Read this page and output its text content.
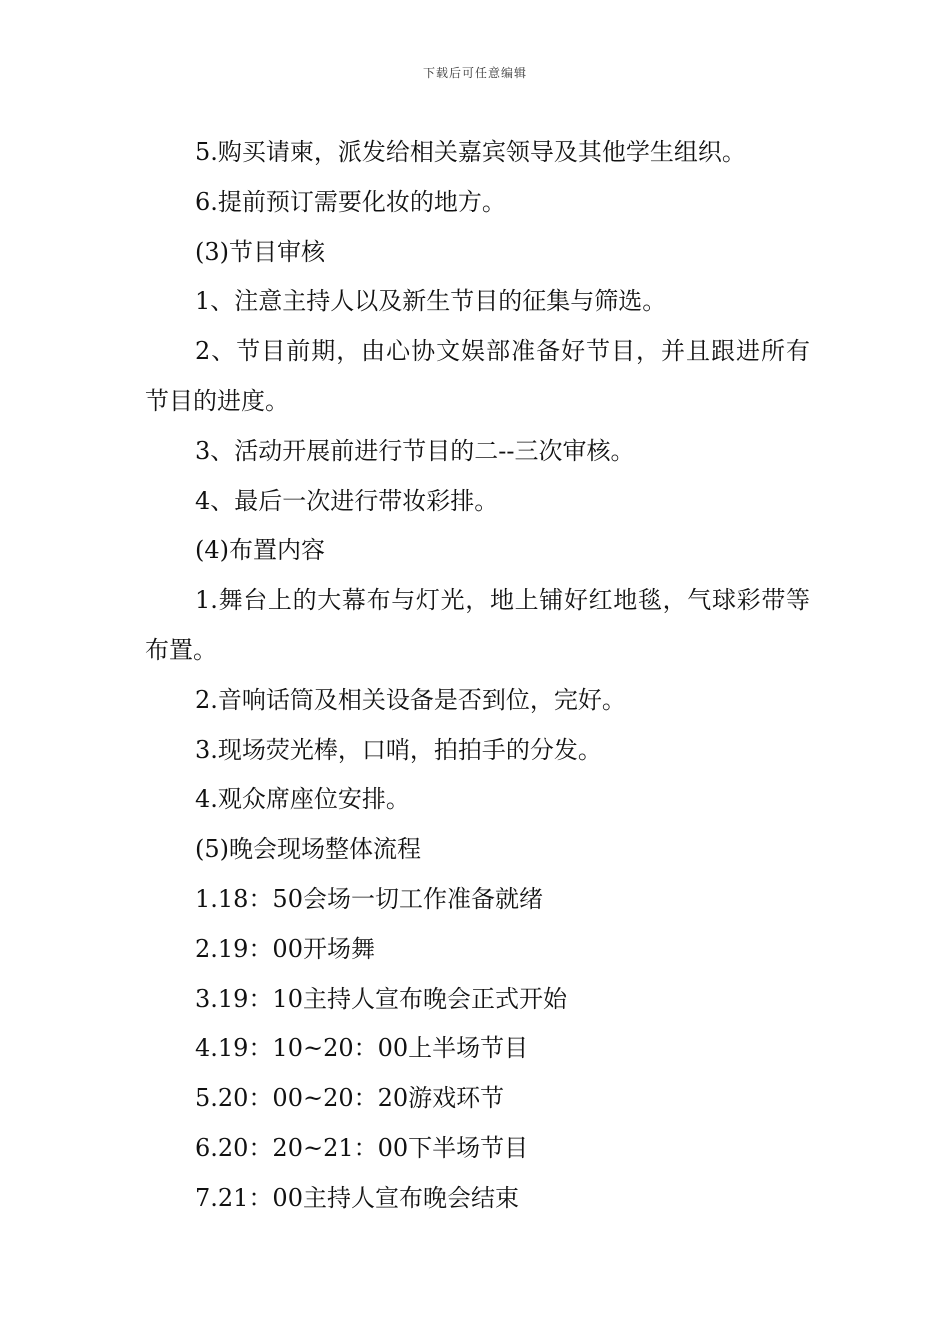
下载后可任意编辑

5.购买请柬，派发给相关嘉宾领导及其他学生组织。

6.提前预订需要化妆的地方。

(3)节目审核

1、注意主持人以及新生节目的征集与筛选。

2、节目前期，由心协文娱部准备好节目，并且跟进所有节目的进度。

3、活动开展前进行节目的二--三次审核。

4、最后一次进行带妆彩排。

(4)布置内容

1.舞台上的大幕布与灯光，地上铺好红地毯，气球彩带等布置。

2.音响话筒及相关设备是否到位，完好。

3.现场荧光棒，口哨，拍拍手的分发。

4.观众席座位安排。

(5)晚会现场整体流程

1.18：50会场一切工作准备就绪

2.19：00开场舞

3.19：10主持人宣布晚会正式开始

4.19：10~20：00上半场节目

5.20：00~20：20游戏环节

6.20：20~21：00下半场节目

7.21：00主持人宣布晚会结束
